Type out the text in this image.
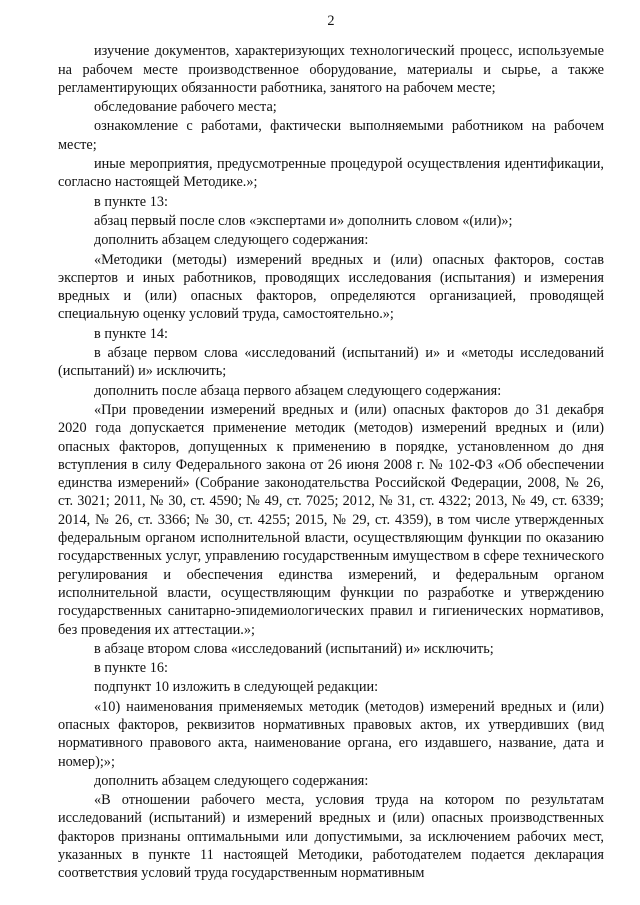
2

изучение документов, характеризующих технологический процесс, используемые на рабочем месте производственное оборудование, материалы и сырье, а также регламентирующих обязанности работника, занятого на рабочем месте;

обследование рабочего места;

ознакомление с работами, фактически выполняемыми работником на рабочем месте;

иные мероприятия, предусмотренные процедурой осуществления идентификации, согласно настоящей Методике.»;

в пункте 13:

абзац первый после слов «экспертами и» дополнить словом «(или)»;

дополнить абзацем следующего содержания:

«Методики (методы) измерений вредных и (или) опасных факторов, состав экспертов и иных работников, проводящих исследования (испытания) и измерения вредных и (или) опасных факторов, определяются организацией, проводящей специальную оценку условий труда, самостоятельно.»;

в пункте 14:

в абзаце первом слова «исследований (испытаний) и» и «методы исследований (испытаний) и» исключить;

дополнить после абзаца первого абзацем следующего содержания:

«При проведении измерений вредных и (или) опасных факторов до 31 декабря 2020 года допускается применение методик (методов) измерений вредных и (или) опасных факторов, допущенных к применению в порядке, установленном до дня вступления в силу Федерального закона от 26 июня 2008 г. № 102-ФЗ «Об обеспечении единства измерений» (Собрание законодательства Российской Федерации, 2008, № 26, ст. 3021; 2011, № 30, ст. 4590; № 49, ст. 7025; 2012, № 31, ст. 4322; 2013, № 49, ст. 6339; 2014, № 26, ст. 3366; № 30, ст. 4255; 2015, № 29, ст. 4359), в том числе утвержденных федеральным органом исполнительной власти, осуществляющим функции по оказанию государственных услуг, управлению государственным имуществом в сфере технического регулирования и обеспечения единства измерений, и федеральным органом исполнительной власти, осуществляющим функции по разработке и утверждению государственных санитарно-эпидемиологических правил и гигиенических нормативов, без проведения их аттестации.»;

в абзаце втором слова «исследований (испытаний) и» исключить;

в пункте 16:

подпункт 10 изложить в следующей редакции:

«10) наименования применяемых методик (методов) измерений вредных и (или) опасных факторов, реквизитов нормативных правовых актов, их утвердивших (вид нормативного правового акта, наименование органа, его издавшего, название, дата и номер);»;

дополнить абзацем следующего содержания:

«В отношении рабочего места, условия труда на котором по результатам исследований (испытаний) и измерений вредных и (или) опасных производственных факторов признаны оптимальными или допустимыми, за исключением рабочих мест, указанных в пункте 11 настоящей Методики, работодателем подается декларация соответствия условий труда государственным нормативным
